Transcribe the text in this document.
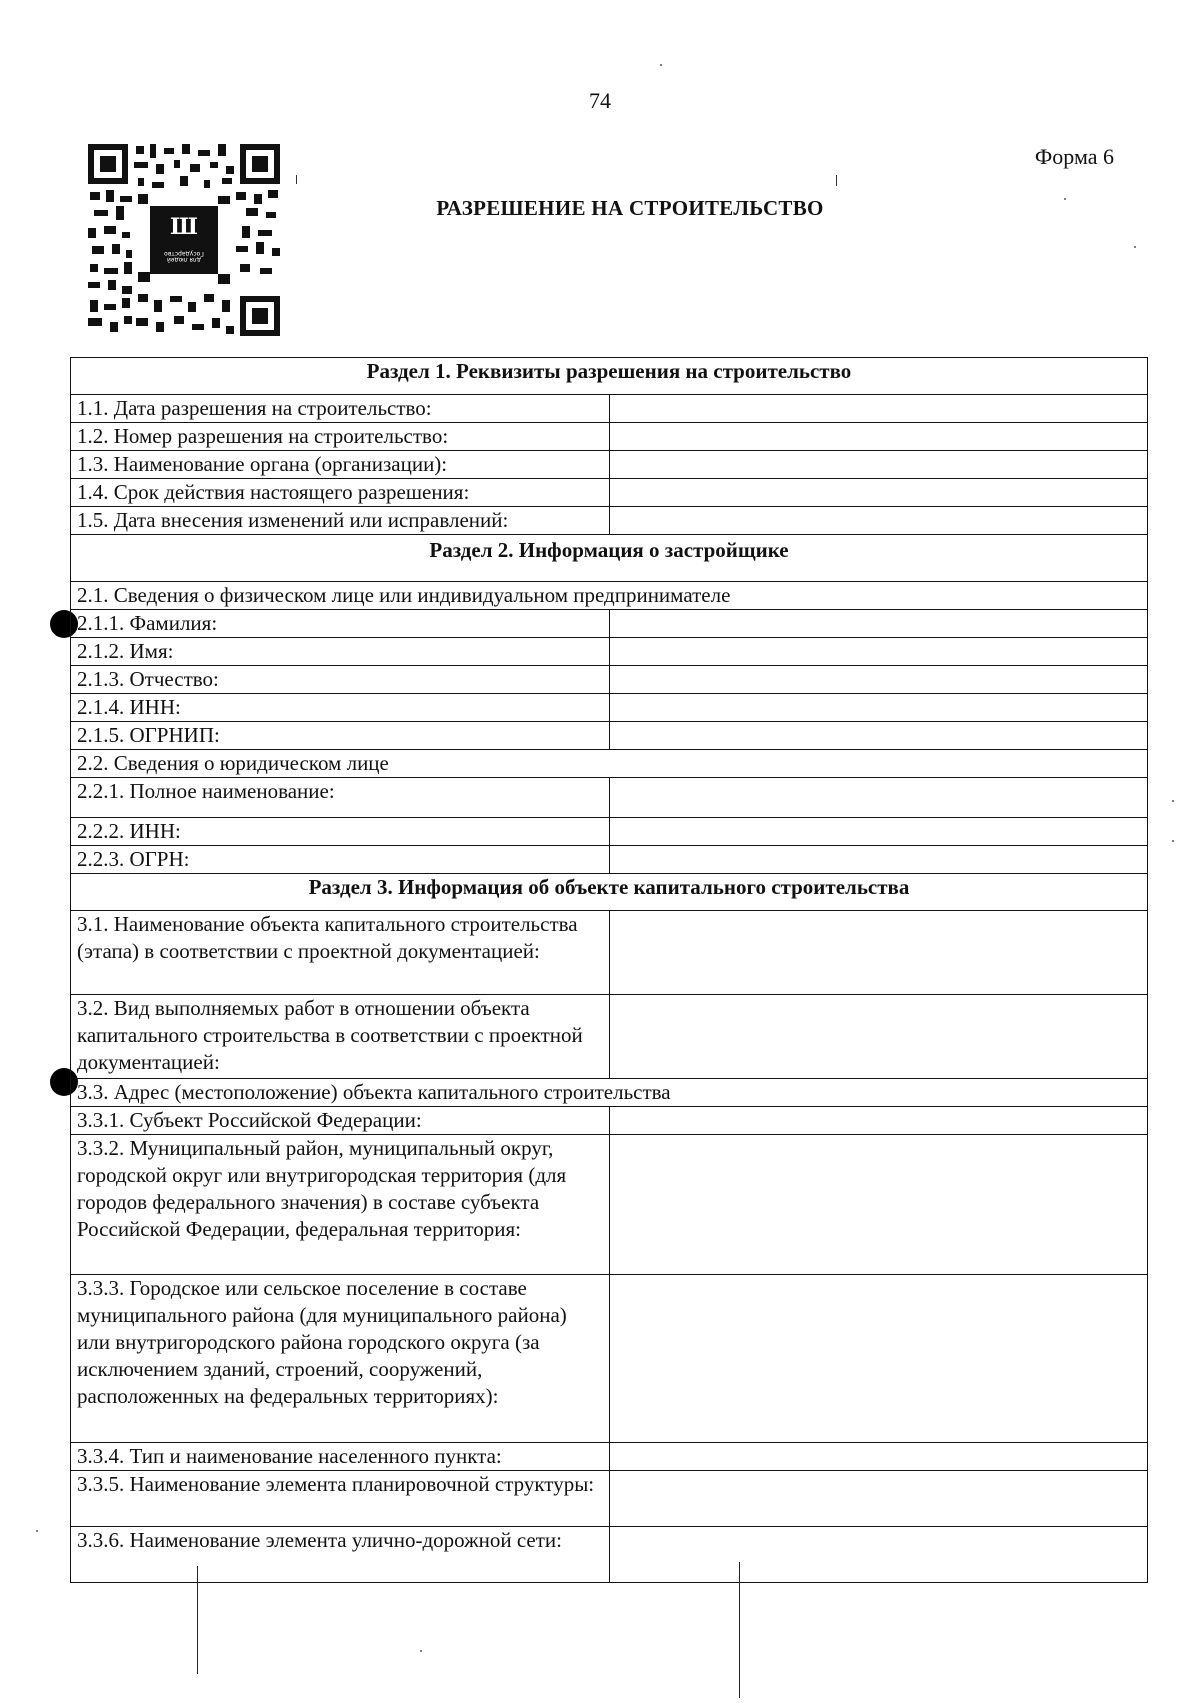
74
Форма 6
Ш
Государство
для людей
РАЗРЕШЕНИЕ НА СТРОИТЕЛЬСТВО
Раздел 1. Реквизиты разрешения на строительство	
1.1. Дата разрешения на строительство:	
1.2. Номер разрешения на строительство:	
1.3. Наименование органа (организации):	
1.4. Срок действия настоящего разрешения:	
1.5. Дата внесения изменений или исправлений:	
Раздел 2. Информация о застройщике	
2.1. Сведения о физическом лице или индивидуальном предпринимателе	
2.1.1. Фамилия:	
2.1.2. Имя:	
2.1.3. Отчество:	
2.1.4. ИНН:	
2.1.5. ОГРНИП:	
2.2. Сведения о юридическом лице	
2.2.1. Полное наименование:	
2.2.2. ИНН:	
2.2.3. ОГРН:	
Раздел 3. Информация об объекте капитального строительства	
3.1. Наименование объекта капитального строительства (этапа) в соответствии с проектной документацией:	
3.2. Вид выполняемых работ в отношении объекта капитального строительства в соответствии с проектной документацией:	
3.3. Адрес (местоположение) объекта капитального строительства	
3.3.1. Субъект Российской Федерации:	
3.3.2. Муниципальный район, муниципальный округ, городской округ или внутригородская территория (для городов федерального значения) в составе субъекта Российской Федерации, федеральная территория:	
3.3.3. Городское или сельское поселение в составе муниципального района (для муниципального района) или внутригородского района городского округа (за исключением зданий, строений, сооружений, расположенных на федеральных территориях):	
3.3.4. Тип и наименование населенного пункта:	
3.3.5. Наименование элемента планировочной структуры:	
3.3.6. Наименование элемента улично-дорожной сети:	
